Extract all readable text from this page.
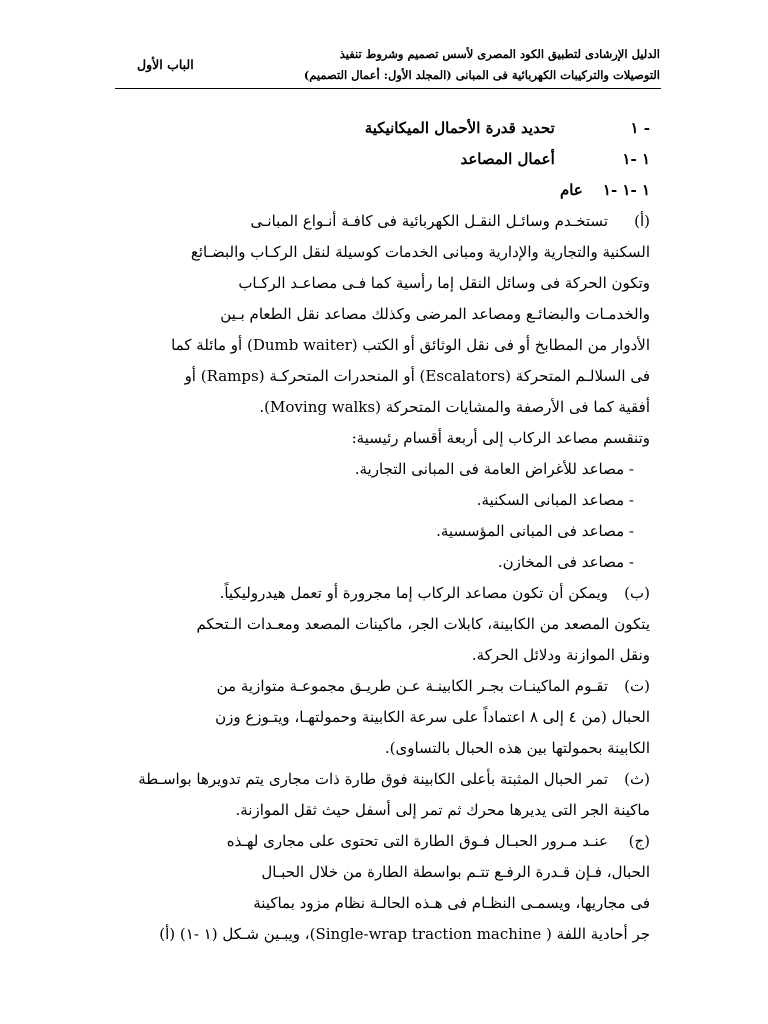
الباب الأول
الدليل الإرشادى لتطبيق الكود المصرى لأسس تصميم وشروط تنفيذ
التوصيلات والتركيبات الكهربائية فى المبانى (المجلد الأول: أعمال التصميم)
١ - تحديد قدرة الأحمال الميكانيكية
١ -١ أعمال المصاعد
١ -١ -١ عام
(أ)
تستخـدم وسائـل النقـل الكهربائية فى كافـة أنـواع المبانـى
السكنية والتجارية والإدارية ومبانى الخدمات كوسيلة لنقل الركـاب والبضـائع
وتكون الحركة فى وسائل النقل إما رأسية كما فـى مصاعـد الركـاب
والخدمـات والبضائـع ومصاعد المرضى وكذلك مصاعد نقل الطعام بـين
الأدوار من المطابخ أو فى نقل الوثائق أو الكتب (Dumb waiter) أو مائلة كما
فى السلالـم المتحركة (Escalators) أو المنحدرات المتحركـة (Ramps) أو
أفقية كما فى الأرصفة والمشايات المتحركة (Moving walks).
وتنقسم مصاعد الركاب إلى أربعة أقسام رئيسية:
- مصاعد للأغراض العامة فى المبانى التجارية.
- مصاعد المبانى السكنية.
- مصاعد فى المبانى المؤسسية.
- مصاعد فى المخازن.
(ب)
ويمكن أن تكون مصاعد الركاب إما مجرورة أو تعمل هيدروليكياً.
يتكون المصعد من الكابينة، كابلات الجر، ماكينات المصعد ومعـدات الـتحكم
ونقل الموازنة ودلائل الحركة.
(ت)
تقـوم الماكينـات بجـر الكابينـة عـن طريـق مجموعـة متوازية من
الحبال (من ٤ إلى ٨ اعتماداً على سرعة الكابينة وحمولتهـا، ويتـوزع وزن
الكابينة بحمولتها بين هذه الحبال بالتساوى).
(ث)
تمر الحبال المثبتة بأعلى الكابينة فوق طارة ذات مجارى يتم تدويرها بواسـطة
ماكينة الجر التى يديرها محرك ثم تمر إلى أسفل حيث ثقل الموازنة.
(ج)
عنـد مـرور الحبـال فـوق الطارة التى تحتوى على مجارى لهـذه
الحبال، فـإن قـدرة الرفـع تتـم بواسطة الطارة من خلال الحبـال
فى مجاريها، ويسمـى النظـام فى هـذه الحالـة نظام مزود بماكينة
جر أحادية اللفة ( Single-wrap traction machine)، ويبـين شـكل (١ -١) (أ)
